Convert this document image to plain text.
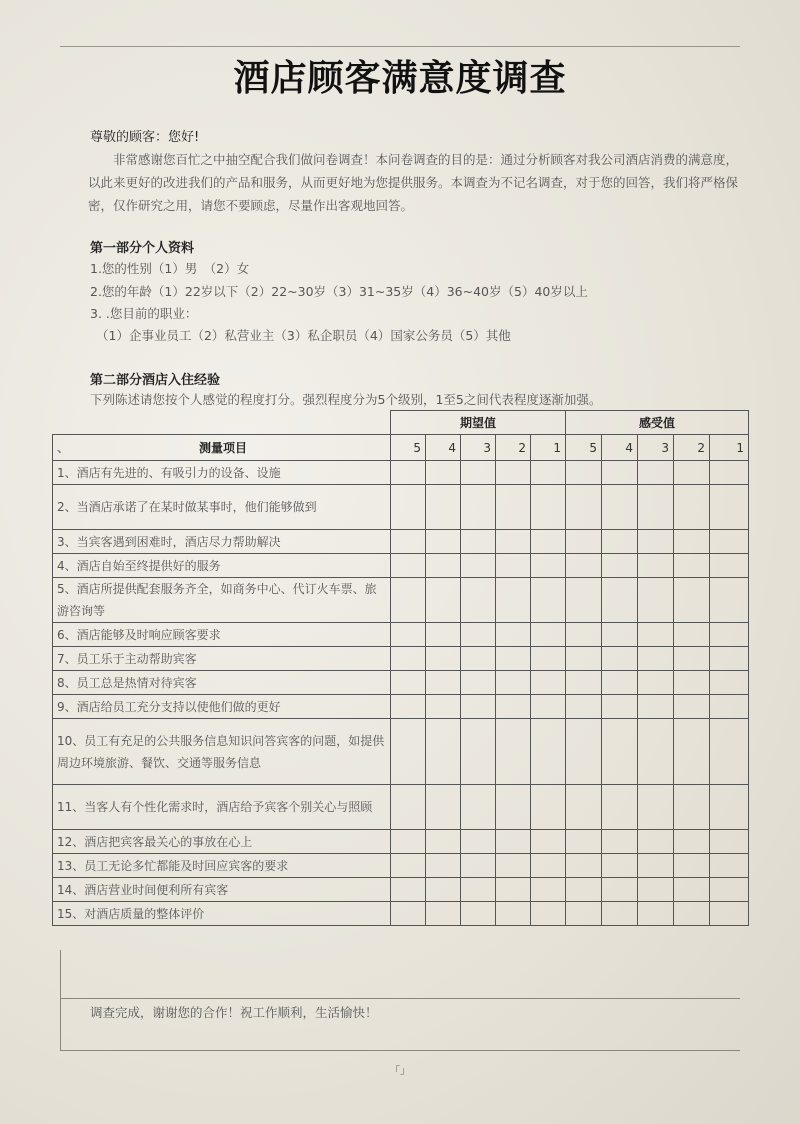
酒店顾客满意度调查
尊敬的顾客：您好!
非常感谢您百忙之中抽空配合我们做问卷调查！本问卷调查的目的是：通过分析顾客对我公司酒店消费的满意度，以此来更好的改进我们的产品和服务，从而更好地为您提供服务。本调查为不记名调查，对于您的回答，我们将严格保密，仅作研究之用，请您不要顾虑，尽量作出客观地回答。
第一部分个人资料
1.您的性别（1）男　（2）女
2.您的年龄（1）22岁以下（2）22~30岁（3）31~35岁（4）36~40岁（5）40岁以上
3. .您目前的职业：
（1）企事业员工（2）私营业主（3）私企职员（4）国家公务员（5）其他
第二部分酒店入住经验
下列陈述请您按个人感觉的程度打分。强烈程度分为5个级别，1至5之间代表程度逐渐加强。
	期望值					感受值				
、 测量项目	5	4	3	2	1	5	4	3	2	1
1、酒店有先进的、有吸引力的设备、设施										
2、当酒店承诺了在某时做某事时，他们能够做到										
3、当宾客遇到困难时，酒店尽力帮助解决										
4、酒店自始至终提供好的服务										
5、酒店所提供配套服务齐全，如商务中心、代订火车票、旅游咨询等										
6、酒店能够及时响应顾客要求										
7、员工乐于主动帮助宾客										
8、员工总是热情对待宾客										
9、酒店给员工充分支持以使他们做的更好										
10、员工有充足的公共服务信息知识问答宾客的问题，如提供周边环境旅游、餐饮、交通等服务信息										
11、当客人有个性化需求时，酒店给予宾客个别关心与照顾										
12、酒店把宾客最关心的事放在心上										
13、员工无论多忙都能及时回应宾客的要求										
14、酒店营业时间便利所有宾客										
15、对酒店质量的整体评价										
调查完成，谢谢您的合作！祝工作顺利，生活愉快！
「」
